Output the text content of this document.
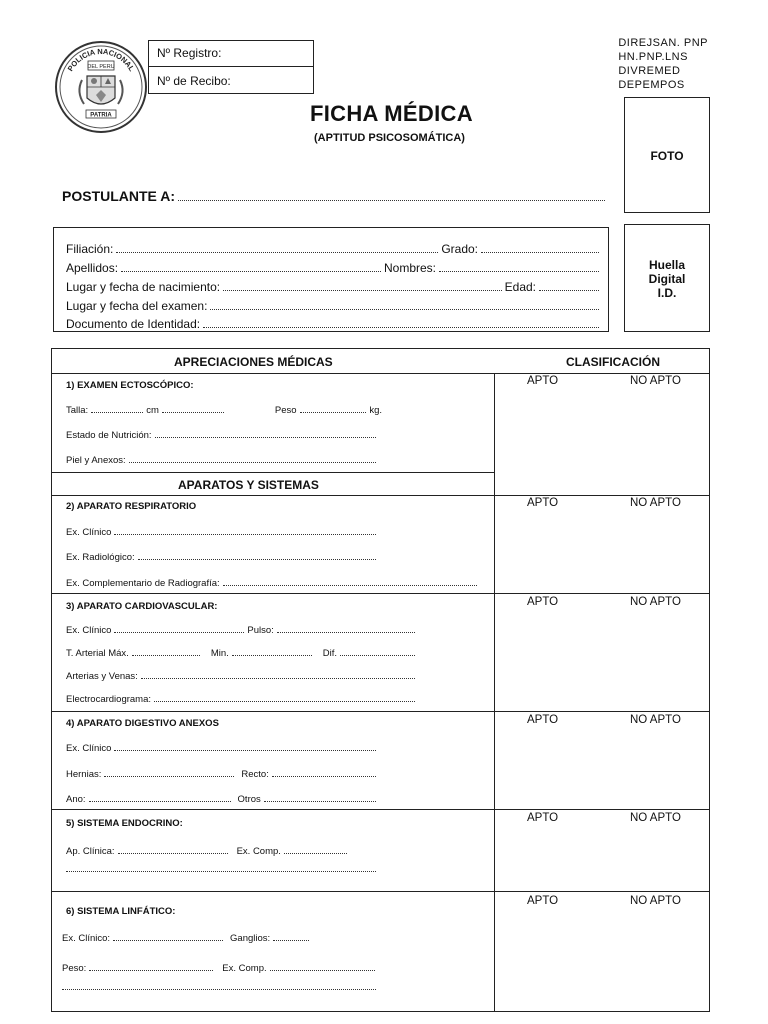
POLICIA NACIONAL
DEL PERU
PATRIA
Nº Registro:
Nº de Recibo:
DIREJSAN. PNP
HN.PNP.LNS
DIVREMED
DEPEMPOS
FICHA MÉDICA
(APTITUD PSICOSOMÁTICA)
FOTO
Huella
Digital
I.D.
POSTULANTE A:
Filiación:	Grado:
Apellidos:	Nombres:
Lugar y fecha de nacimiento:	Edad:
Lugar y fecha del examen:
Documento de Identidad:
APRECIACIONES MÉDICAS	CLASIFICACIÓN
APTO	NO APTO
1) EXAMEN ECTOSCÓPICO:
Talla:	cm	Peso	kg.
Estado de Nutrición:
Piel y Anexos:
APARATOS Y SISTEMAS
APTO	NO APTO
2) APARATO RESPIRATORIO
Ex. Clínico
Ex. Radiológico:
Ex. Complementario de Radiografía:
APTO	NO APTO
3) APARATO CARDIOVASCULAR:
Ex. Clínico	Pulso:
T. Arterial Máx.	Min.	Dif.
Arterias y Venas:
Electrocardiograma:
APTO	NO APTO
4) APARATO DIGESTIVO ANEXOS
Ex. Clínico
Hernias:	Recto:
Ano:	Otros
APTO	NO APTO
5) SISTEMA ENDOCRINO:
Ap. Clínica:	Ex. Comp.
APTO	NO APTO
6) SISTEMA LINFÁTICO:
Ex. Clínico:	Ganglios:
Peso:	Ex. Comp.
